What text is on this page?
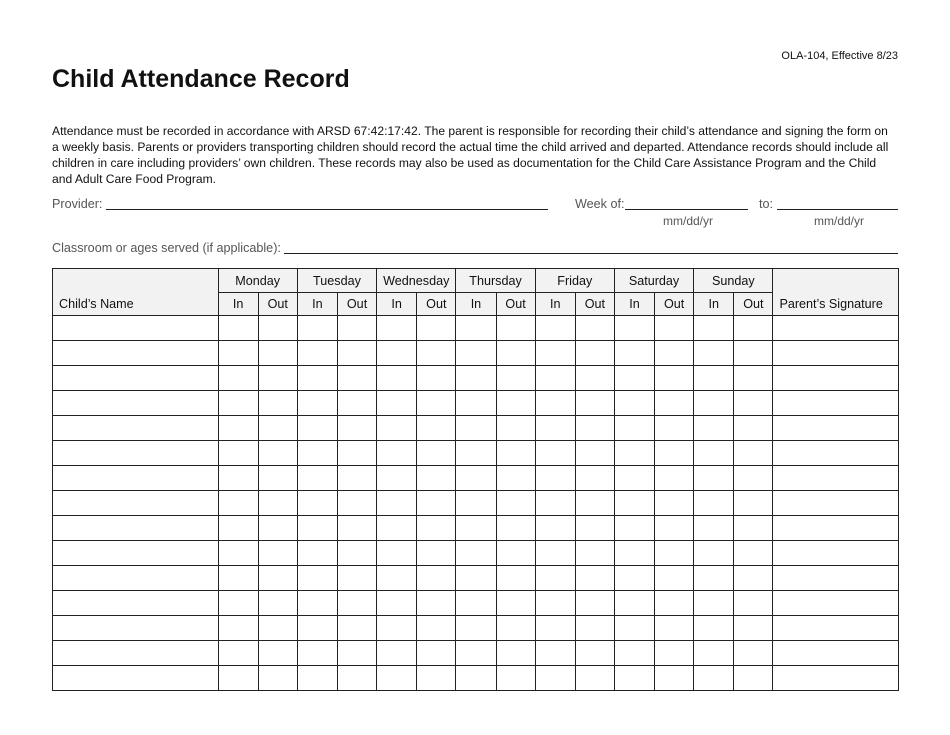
OLA-104, Effective 8/23
Child Attendance Record

Attendance must be recorded in accordance with ARSD 67:42:17:42. The parent is responsible for recording their child’s attendance and signing the form on a weekly basis. Parents or providers transporting children should record the actual time the child arrived and departed. Attendance records should include all children in care including providers’ own children. These records may also be used as documentation for the Child Care Assistance Program and the Child and Adult Care Food Program.

Provider:	Week of:
mm/dd/yr
to:
mm/dd/yr
Classroom or ages served (if applicable):
Child’s Name	Monday		Tuesday		Wednesday		Thursday		Friday		Saturday		Sunday		Parent’s Signature
	In	Out	In	Out	In	Out	In	Out	In	Out	In	Out	In	Out	
